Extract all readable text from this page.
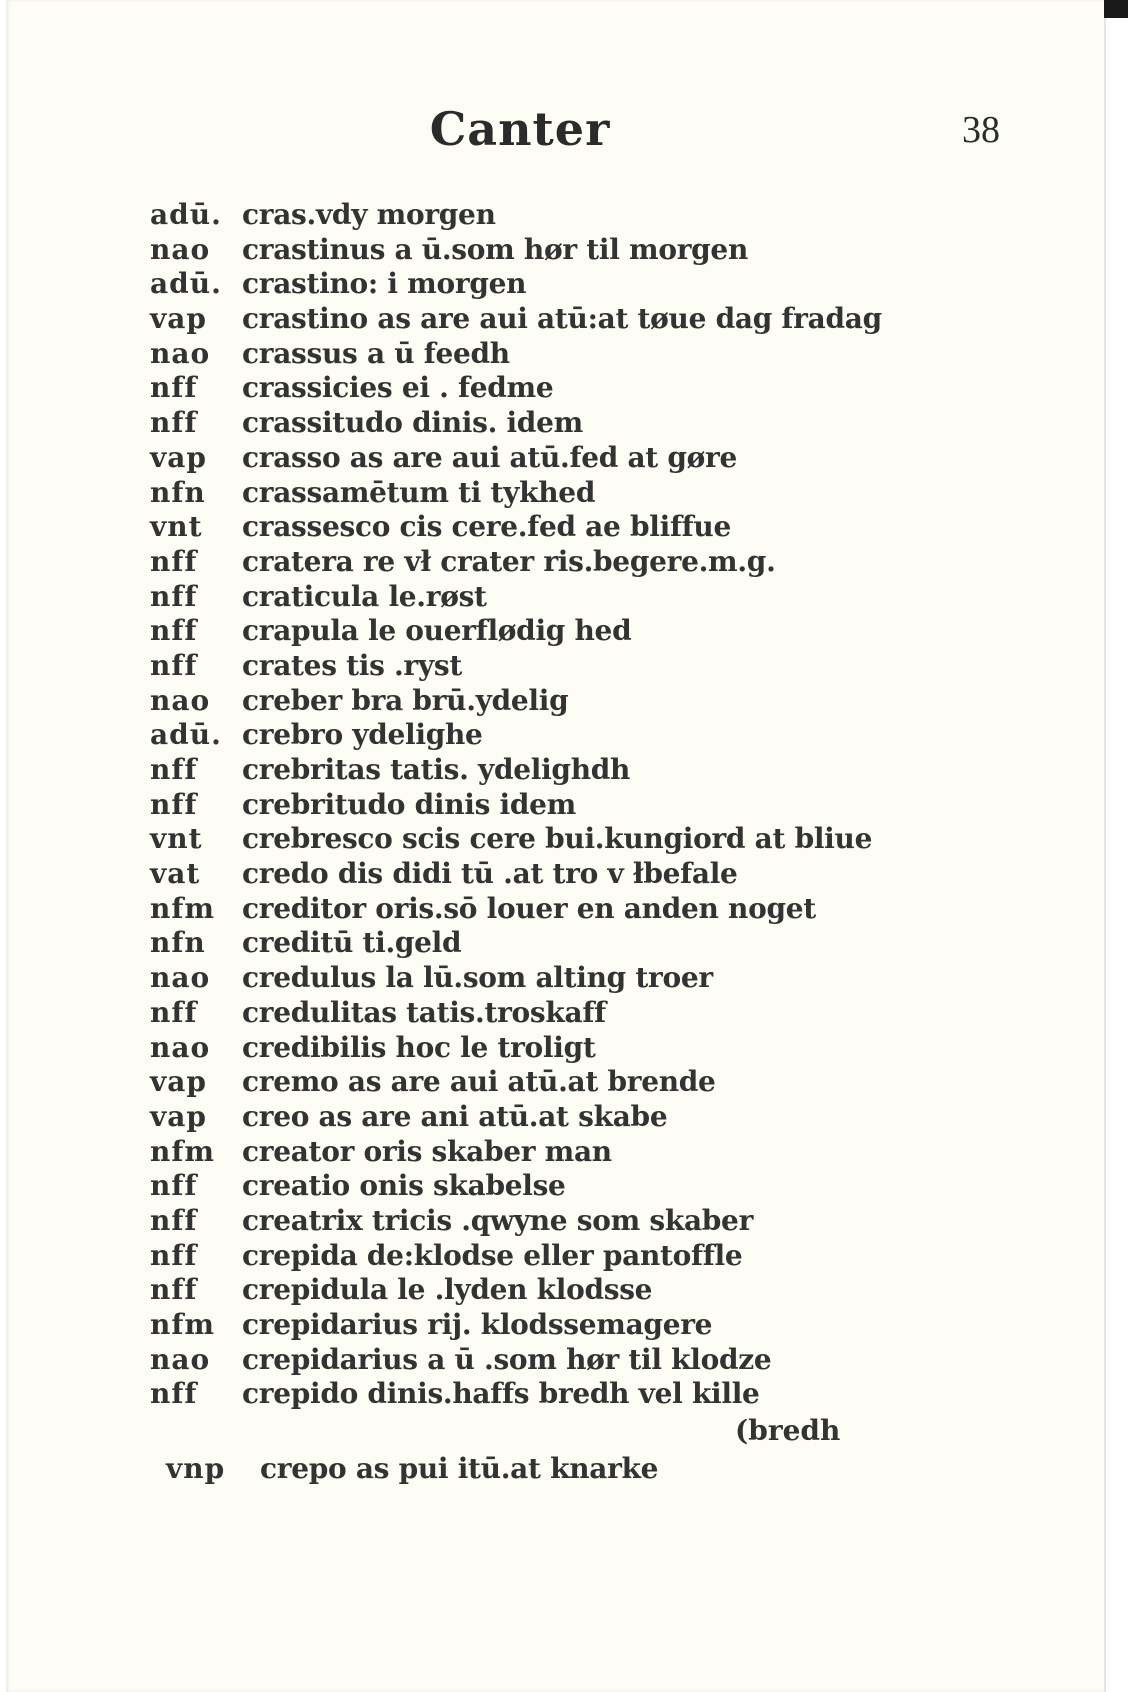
Canter	38
adū. cras.vdy morgen
nao	crastinus a ū.som hør til morgen
adū. crastino: i morgen
vap	crastino as are aui atū:at tøue dag fradag
nao	crassus a ū feedh
nff	crassicies ei . fedme
nff	crassitudo dinis. idem
vap	crasso as are aui atū.fed at gøre
nfn	crassamētum ti tykhed
vnt	crassesco cis cere.fed ae bliffue
nff	cratera re vł crater ris.begere.m.g.
nff	craticula le.røst
nff	crapula le ouerflødig hed
nff	crates tis .ryst
nao	creber bra brū.ydelig
adū. crebro ydelighe
nff	crebritas tatis. ydelighdh
nff	crebritudo dinis idem
vnt	crebresco scis cere bui.kungiord at bliue
vat	credo dis didi tū .at tro v łbefale
nfm creditor oris.sō louer en anden noget
nfn	creditū ti.geld
nao	credulus la lū.som alting troer
nff	credulitas tatis.troskaff
nao	credibilis hoc le troligt
vap	cremo as are aui atū.at brende
vap	creo as are ani atū.at skabe
nfm creator oris skaber man
nff	creatio onis skabelse
nff	creatrix tricis .qwyne som skaber
nff	crepida de:klodse eller pantoffle
nff	crepidula le .lyden klodsse
nfm crepidarius rij. klodssemagere
nao	crepidarius a ū .som hør til klodze
nff	crepido dinis.haffs bredh vel kille
(bredh
vnp	crepo as pui itū.at knarke
